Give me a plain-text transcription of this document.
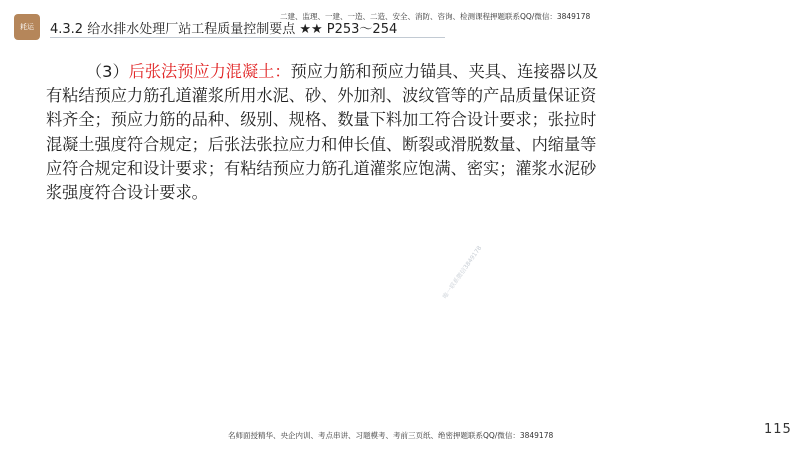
耗运
二建、监理、一建、一造、二造、安全、消防、咨询、检测课程押题联系QQ/微信：3849178
4.3.2 给水排水处理厂站工程质量控制要点 ★★ P253～254

（3）后张法预应力混凝土：预应力筋和预应力锚具、夹具、连接器以及有粘结预应力筋孔道灌浆所用水泥、砂、外加剂、波纹管等的产品质量保证资料齐全；预应力筋的品种、级别、规格、数量下料加工符合设计要求；张拉时混凝土强度符合规定；后张法张拉应力和伸长值、断裂或滑脱数量、内缩量等应符合规定和设计要求；有粘结预应力筋孔道灌浆应饱满、密实；灌浆水泥砂浆强度符合设计要求。

唯一联系微信3849178
名师面授精华、央企内训、考点串讲、习题模考、考前三页纸、绝密押题联系QQ/微信：3849178	115
